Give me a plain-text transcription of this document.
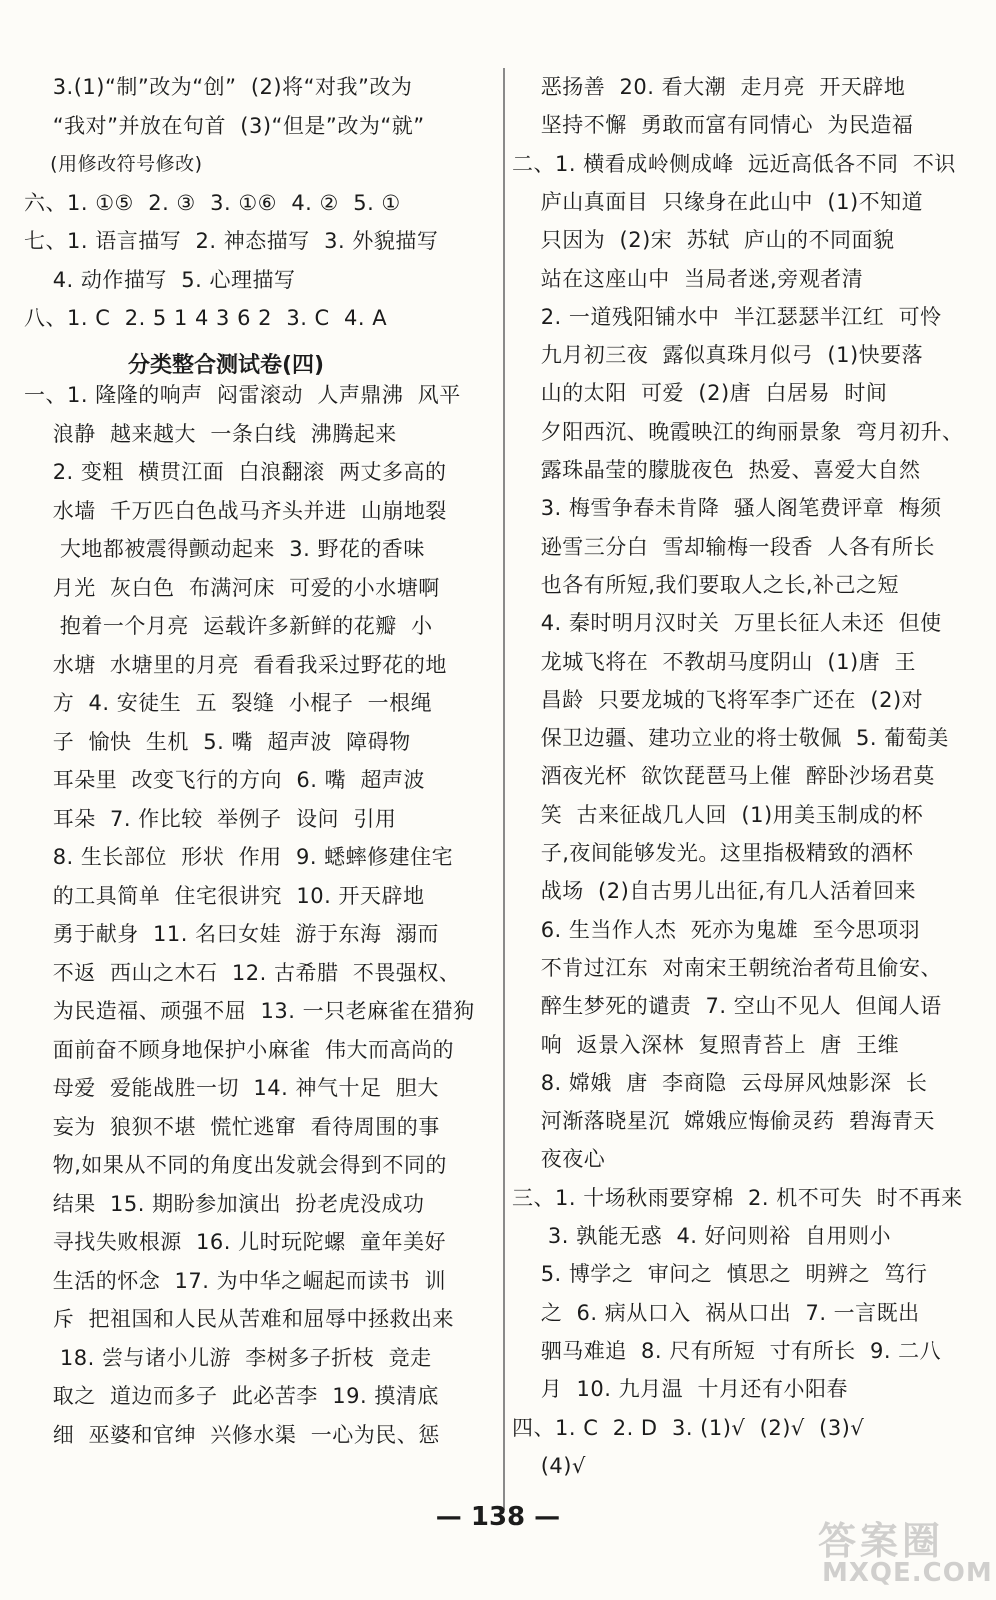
3.(1)“制”改为“创”  (2)将“对我”改为
“我对”并放在句首  (3)“但是”改为“就”
(用修改符号修改)
六、1. ①⑤  2. ③  3. ①⑥  4. ②  5. ①
七、1. 语言描写  2. 神态描写  3. 外貌描写
4. 动作描写  5. 心理描写
八、1. C  2. 5 1 4 3 6 2  3. C  4. A
一、1. 隆隆的响声  闷雷滚动  人声鼎沸  风平
浪静  越来越大  一条白线  沸腾起来
2. 变粗  横贯江面  白浪翻滚  两丈多高的
水墙  千万匹白色战马齐头并进  山崩地裂
大地都被震得颤动起来  3. 野花的香味
月光  灰白色  布满河床  可爱的小水塘啊
抱着一个月亮  运载许多新鲜的花瓣  小
水塘  水塘里的月亮  看看我采过野花的地
方  4. 安徒生  五  裂缝  小棍子  一根绳
子  愉快  生机  5. 嘴  超声波  障碍物
耳朵里  改变飞行的方向  6. 嘴  超声波
耳朵  7. 作比较  举例子  设问  引用
8. 生长部位  形状  作用  9. 蟋蟀修建住宅
的工具简单  住宅很讲究  10. 开天辟地
勇于献身  11. 名曰女娃  游于东海  溺而
不返  西山之木石  12. 古希腊  不畏强权、
为民造福、顽强不屈  13. 一只老麻雀在猎狗
面前奋不顾身地保护小麻雀  伟大而高尚的
母爱  爱能战胜一切  14. 神气十足  胆大
妄为  狼狈不堪  慌忙逃窜  看待周围的事
物,如果从不同的角度出发就会得到不同的
结果  15. 期盼参加演出  扮老虎没成功
寻找失败根源  16. 儿时玩陀螺  童年美好
生活的怀念  17. 为中华之崛起而读书  训
斥  把祖国和人民从苦难和屈辱中拯救出来
18. 尝与诸小儿游  李树多子折枝  竞走
取之  道边而多子  此必苦李  19. 摸清底
细  巫婆和官绅  兴修水渠  一心为民、惩
分类整合测试卷(四)
恶扬善  20. 看大潮  走月亮  开天辟地
坚持不懈  勇敢而富有同情心  为民造福
二、1. 横看成岭侧成峰  远近高低各不同  不识
庐山真面目  只缘身在此山中  (1)不知道
只因为  (2)宋  苏轼  庐山的不同面貌
站在这座山中  当局者迷,旁观者清
2. 一道残阳铺水中  半江瑟瑟半江红  可怜
九月初三夜  露似真珠月似弓  (1)快要落
山的太阳  可爱  (2)唐  白居易  时间
夕阳西沉、晚霞映江的绚丽景象  弯月初升、
露珠晶莹的朦胧夜色  热爱、喜爱大自然
3. 梅雪争春未肯降  骚人阁笔费评章  梅须
逊雪三分白  雪却输梅一段香  人各有所长
也各有所短,我们要取人之长,补己之短
4. 秦时明月汉时关  万里长征人未还  但使
龙城飞将在  不教胡马度阴山  (1)唐  王
昌龄  只要龙城的飞将军李广还在  (2)对
保卫边疆、建功立业的将士敬佩  5. 葡萄美
酒夜光杯  欲饮琵琶马上催  醉卧沙场君莫
笑  古来征战几人回  (1)用美玉制成的杯
子,夜间能够发光。这里指极精致的酒杯
战场  (2)自古男儿出征,有几人活着回来
6. 生当作人杰  死亦为鬼雄  至今思项羽
不肯过江东  对南宋王朝统治者苟且偷安、
醉生梦死的谴责  7. 空山不见人  但闻人语
响  返景入深林  复照青苔上  唐  王维
8. 嫦娥  唐  李商隐  云母屏风烛影深  长
河渐落晓星沉  嫦娥应悔偷灵药  碧海青天
夜夜心
三、1. 十场秋雨要穿棉  2. 机不可失  时不再来
3. 孰能无惑  4. 好问则裕  自用则小
5. 博学之  审问之  慎思之  明辨之  笃行
之  6. 病从口入  祸从口出  7. 一言既出
驷马难追  8. 尺有所短  寸有所长  9. 二八
月  10. 九月温  十月还有小阳春
四、1. C  2. D  3. (1)√  (2)√  (3)√
(4)√
— 138 —
答案圈
MXQE.COM
